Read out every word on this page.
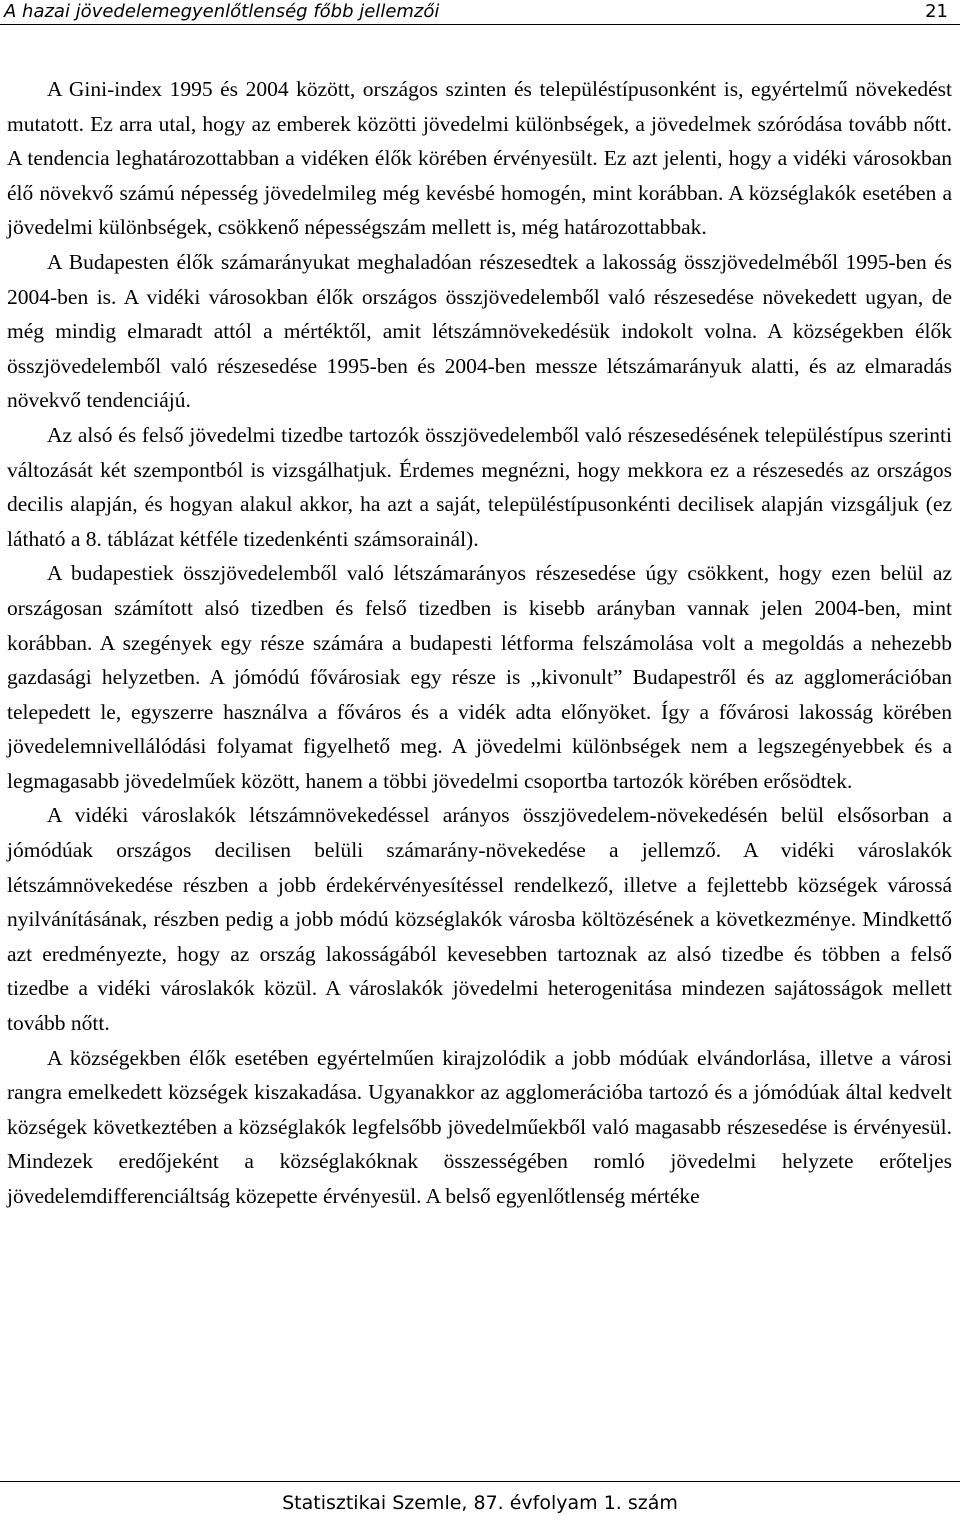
A hazai jövedelemegyenlőtlenség főbb jellemzői	21

A Gini-index 1995 és 2004 között, országos szinten és településtípusonként is, egyértelmű növekedést mutatott. Ez arra utal, hogy az emberek közötti jövedelmi különbségek, a jövedelmek szóródása tovább nőtt. A tendencia leghatározottabban a vidéken élők körében érvényesült. Ez azt jelenti, hogy a vidéki városokban élő növekvő számú népesség jövedelmileg még kevésbé homogén, mint korábban. A községlakók esetében a jövedelmi különbségek, csökkenő népességszám mellett is, még határozottabbak.

A Budapesten élők számarányukat meghaladóan részesedtek a lakosság összjövedelméből 1995-ben és 2004-ben is. A vidéki városokban élők országos összjövedelemből való részesedése növekedett ugyan, de még mindig elmaradt attól a mértéktől, amit létszámnövekedésük indokolt volna. A községekben élők összjövedelemből való részesedése 1995-ben és 2004-ben messze létszámarányuk alatti, és az elmaradás növekvő tendenciájú.

Az alsó és felső jövedelmi tizedbe tartozók összjövedelemből való részesedésének településtípus szerinti változását két szempontból is vizsgálhatjuk. Érdemes megnézni, hogy mekkora ez a részesedés az országos decilis alapján, és hogyan alakul akkor, ha azt a saját, településtípusonkénti decilisek alapján vizsgáljuk (ez látható a 8. táblázat kétféle tizedenkénti számsorainál).

A budapestiek összjövedelemből való létszámarányos részesedése úgy csökkent, hogy ezen belül az országosan számított alsó tizedben és felső tizedben is kisebb arányban vannak jelen 2004-ben, mint korábban. A szegények egy része számára a budapesti létforma felszámolása volt a megoldás a nehezebb gazdasági helyzetben. A jómódú fővárosiak egy része is ,,kivonult” Budapestről és az agglomerációban telepedett le, egyszerre használva a főváros és a vidék adta előnyöket. Így a fővárosi lakosság körében jövedelemnivellálódási folyamat figyelhető meg. A jövedelmi különbségek nem a legszegényebbek és a legmagasabb jövedelműek között, hanem a többi jövedelmi csoportba tartozók körében erősödtek.

A vidéki városlakók létszámnövekedéssel arányos összjövedelem-növekedésén belül elsősorban a jómódúak országos decilisen belüli számarány-növekedése a jellemző. A vidéki városlakók létszámnövekedése részben a jobb érdekérvényesítéssel rendelkező, illetve a fejlettebb községek várossá nyilvánításának, részben pedig a jobb módú községlakók városba költözésének a következménye. Mindkettő azt eredményezte, hogy az ország lakosságából kevesebben tartoznak az alsó tizedbe és többen a felső tizedbe a vidéki városlakók közül. A városlakók jövedelmi heterogenitása mindezen sajátosságok mellett tovább nőtt.

A községekben élők esetében egyértelműen kirajzolódik a jobb módúak elvándorlása, illetve a városi rangra emelkedett községek kiszakadása. Ugyanakkor az agglomerációba tartozó és a jómódúak által kedvelt községek következtében a községlakók legfelsőbb jövedelműekből való magasabb részesedése is érvényesül. Mindezek eredőjeként a községlakóknak összességében romló jövedelmi helyzete erőteljes jövedelemdifferenciáltság közepette érvényesül. A belső egyenlőtlenség mértéke

Statisztikai Szemle, 87. évfolyam 1. szám
